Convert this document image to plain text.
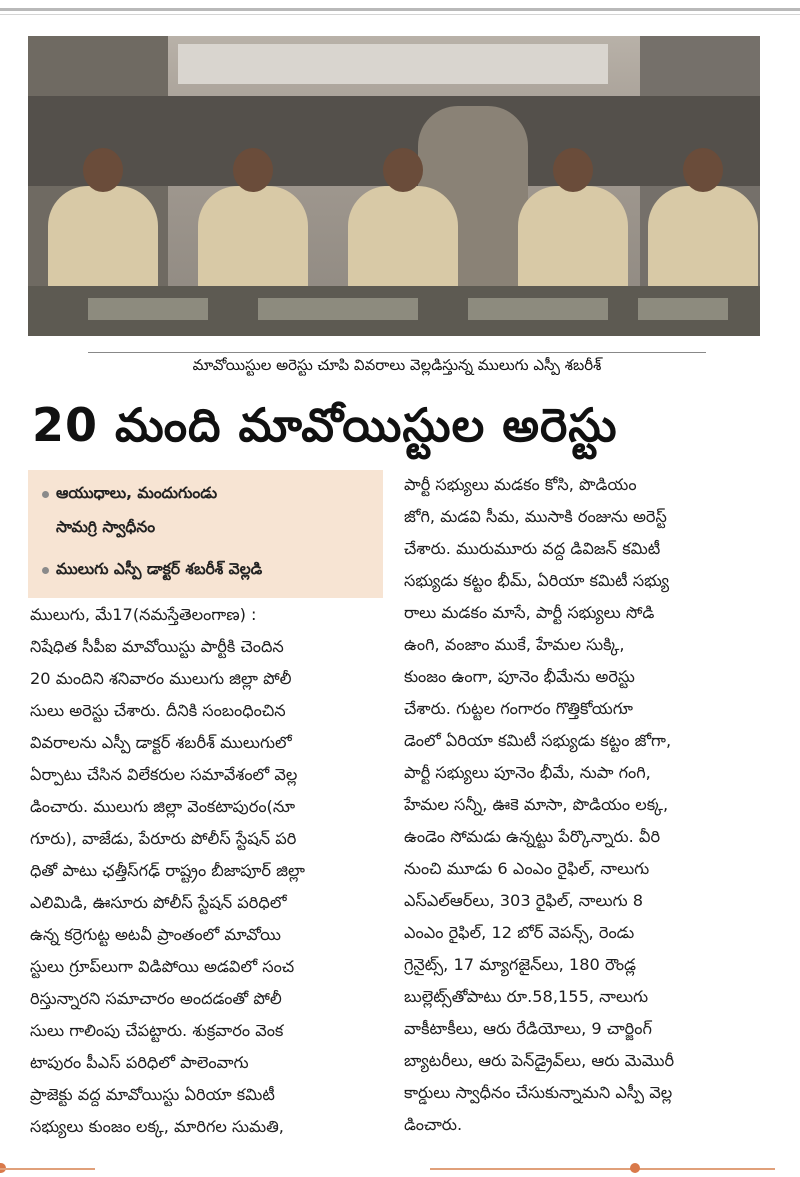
మావోయిస్టుల అరెస్టు చూపి వివరాలు వెల్లడిస్తున్న ములుగు ఎస్పీ శబరీశ్
20 మంది మావోయిస్టుల అరెస్టు
ఆయుధాలు, మందుగుండు
సామగ్రి స్వాధీనం
ములుగు ఎస్పీ డాక్టర్ శబరీశ్ వెల్లడి
ములుగు, మే17(నమస్తేతెలంగాణ) :
నిషేధిత సీపీఐ మావోయిస్టు పార్టీకి చెందిన
20 మందిని శనివారం ములుగు జిల్లా పోలీ
సులు అరెస్టు చేశారు. దీనికి సంబంధించిన
వివరాలను ఎస్పీ డాక్టర్ శబరీశ్ ములుగులో
ఏర్పాటు చేసిన విలేకరుల సమావేశంలో వెల్ల
డించారు. ములుగు జిల్లా వెంకటాపురం(నూ
గూరు), వాజేడు, పేరూరు పోలీస్ స్టేషన్ పరి
ధితో పాటు ఛత్తీస్‌గఢ్ రాష్ట్రం బీజాపూర్ జిల్లా
ఎలిమిడి, ఊసూరు పోలీస్ స్టేషన్ పరిధిలో
ఉన్న కర్రెగుట్ట అటవీ ప్రాంతంలో మావోయి
స్టులు గ్రూప్‌లుగా విడిపోయి అడవిలో సంచ
రిస్తున్నారని సమాచారం అందడంతో పోలీ
సులు గాలింపు చేపట్టారు. శుక్రవారం వెంక
టాపురం పీఎస్ పరిధిలో పాలెంవాగు
ప్రాజెక్టు వద్ద మావోయిస్టు ఏరియా కమిటీ
సభ్యులు కుంజం లక్క, మారిగల సుమతి,
పార్టీ సభ్యులు మడకం కోసి, పొడియం
జోగి, మడవి సీమ, ముసాకి రంజును అరెస్ట్
చేశారు. మురుమూరు వద్ద డివిజన్ కమిటీ
సభ్యుడు కట్టం భీమ్, ఏరియా కమిటీ సభ్యు
రాలు మడకం మాసే, పార్టీ సభ్యులు సోడి
ఉంగి, వంజాం ముకే, హేమల సుక్కి,
కుంజం ఉంగా, పూనెం భీమేను అరెస్టు
చేశారు. గుట్టల గంగారం గొత్తికోయగూ
డెంలో ఏరియా కమిటీ సభ్యుడు కట్టం జోగా,
పార్టీ సభ్యులు పూనెం భీమే, నుపా గంగి,
హేమల సన్నీ, ఊకె మాసా, పొడియం లక్క,
ఉండెం సోమడు ఉన్నట్టు పేర్కొన్నారు. వీరి
నుంచి మూడు 6 ఎంఎం రైఫిల్, నాలుగు
ఎస్ఎల్ఆర్‌లు, 303 రైఫిల్, నాలుగు 8
ఎంఎం రైఫిల్, 12 బోర్ వెపన్స్, రెండు
గ్రెనైట్స్, 17 మ్యాగజైన్‌లు, 180 రౌండ్ల
బుల్లెట్స్‌తోపాటు రూ.58,155, నాలుగు
వాకీటాకీలు, ఆరు రేడియోలు, 9 చార్జింగ్
బ్యాటరీలు, ఆరు పెన్‌డ్రైవ్‌లు, ఆరు మెమొరీ
కార్డులు స్వాధీనం చేసుకున్నామని ఎస్పీ వెల్ల
డించారు.
